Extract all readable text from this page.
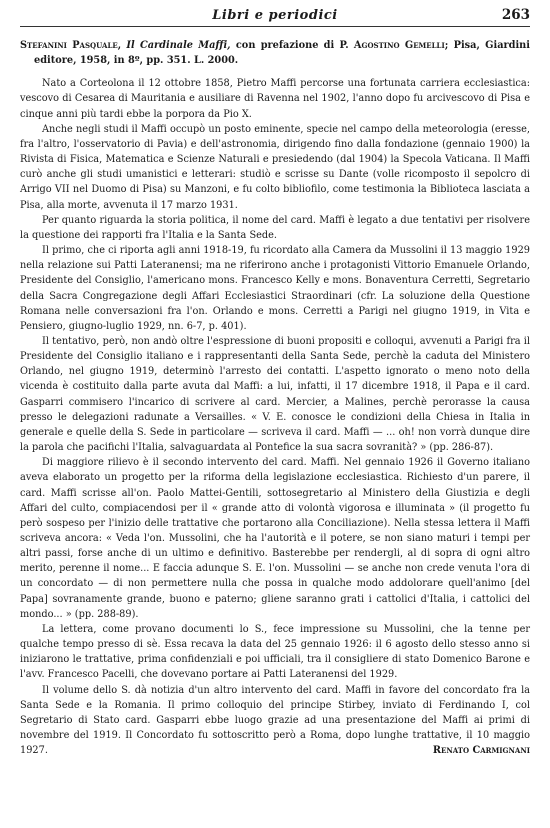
Libri e periodici	263

Stefanini Pasquale, Il Cardinale Maffi, con prefazione di P. Agostino Gemelli; Pisa, Giardini editore, 1958, in 8º, pp. 351. L. 2000.

Nato a Corteolona il 12 ottobre 1858, Pietro Maffi percorse una fortunata carriera ecclesiastica: vescovo di Cesarea di Mauritania e ausiliare di Ravenna nel 1902, l'anno dopo fu arcivescovo di Pisa e cinque anni più tardi ebbe la porpora da Pio X.

Anche negli studi il Maffi occupò un posto eminente, specie nel campo della meteorologia (eresse, fra l'altro, l'osservatorio di Pavia) e dell'astronomia, dirigendo fino dalla fondazione (gennaio 1900) la Rivista di Fisica, Matematica e Scienze Naturali e presiedendo (dal 1904) la Specola Vaticana. Il Maffi curò anche gli studi umanistici e letterari: studiò e scrisse su Dante (volle ricomposto il sepolcro di Arrigo VII nel Duomo di Pisa) su Manzoni, e fu colto bibliofilo, come testimonia la Biblioteca lasciata a Pisa, alla morte, avvenuta il 17 marzo 1931.

Per quanto riguarda la storia politica, il nome del card. Maffi è legato a due tentativi per risolvere la questione dei rapporti fra l'Italia e la Santa Sede.

Il primo, che ci riporta agli anni 1918-19, fu ricordato alla Camera da Mussolini il 13 maggio 1929 nella relazione sui Patti Lateranensi; ma ne riferirono anche i protagonisti Vittorio Emanuele Orlando, Presidente del Consiglio, l'americano mons. Francesco Kelly e mons. Bonaventura Cerretti, Segretario della Sacra Congregazione degli Affari Ecclesiastici Straordinari (cfr. La soluzione della Questione Romana nelle conversazioni fra l'on. Orlando e mons. Cerretti a Parigi nel giugno 1919, in Vita e Pensiero, giugno-luglio 1929, nn. 6-7, p. 401).

Il tentativo, però, non andò oltre l'espressione di buoni propositi e colloqui, avvenuti a Parigi fra il Presidente del Consiglio italiano e i rappresentanti della Santa Sede, perchè la caduta del Ministero Orlando, nel giugno 1919, determinò l'arresto dei contatti. L'aspetto ignorato o meno noto della vicenda è costituito dalla parte avuta dal Maffi: a lui, infatti, il 17 dicembre 1918, il Papa e il card. Gasparri commisero l'incarico di scrivere al card. Mercier, a Malines, perchè perorasse la causa presso le delegazioni radunate a Versailles. « V. E. conosce le condizioni della Chiesa in Italia in generale e quelle della S. Sede in particolare — scriveva il card. Maffi — ... oh! non vorrà dunque dire la parola che pacifichi l'Italia, salvaguardata al Pontefice la sua sacra sovranità? » (pp. 286-87).

Di maggiore rilievo è il secondo intervento del card. Maffi. Nel gennaio 1926 il Governo italiano aveva elaborato un progetto per la riforma della legislazione ecclesiastica. Richiesto d'un parere, il card. Maffi scrisse all'on. Paolo Mattei-Gentili, sottosegretario al Ministero della Giustizia e degli Affari del culto, compiacendosi per il « grande atto di volontà vigorosa e illuminata » (il progetto fu però sospeso per l'inizio delle trattative che portarono alla Conciliazione). Nella stessa lettera il Maffi scriveva ancora: « Veda l'on. Mussolini, che ha l'autorità e il potere, se non siano maturi i tempi per altri passi, forse anche di un ultimo e definitivo. Basterebbe per rendergli, al di sopra di ogni altro merito, perenne il nome... E faccia adunque S. E. l'on. Mussolini — se anche non crede venuta l'ora di un concordato — di non permettere nulla che possa in qualche modo addolorare quell'animo [del Papa] sovranamente grande, buono e paterno; gliene saranno grati i cattolici d'Italia, i cattolici del mondo... » (pp. 288-89).

La lettera, come provano documenti lo S., fece impressione su Mussolini, che la tenne per qualche tempo presso di sè. Essa recava la data del 25 gennaio 1926: il 6 agosto dello stesso anno si iniziarono le trattative, prima confidenziali e poi ufficiali, tra il consigliere di stato Domenico Barone e l'avv. Francesco Pacelli, che dovevano portare ai Patti Lateranensi del 1929.

Il volume dello S. dà notizia d'un altro intervento del card. Maffi in favore del concordato fra la Santa Sede e la Romania. Il primo colloquio del principe Stirbey, inviato di Ferdinando I, col Segretario di Stato card. Gasparri ebbe luogo grazie ad una presentazione del Maffi ai primi di novembre del 1919. Il Concordato fu sottoscritto però a Roma, dopo lunghe trattative, il 10 maggio 1927.	Renato Carmignani
